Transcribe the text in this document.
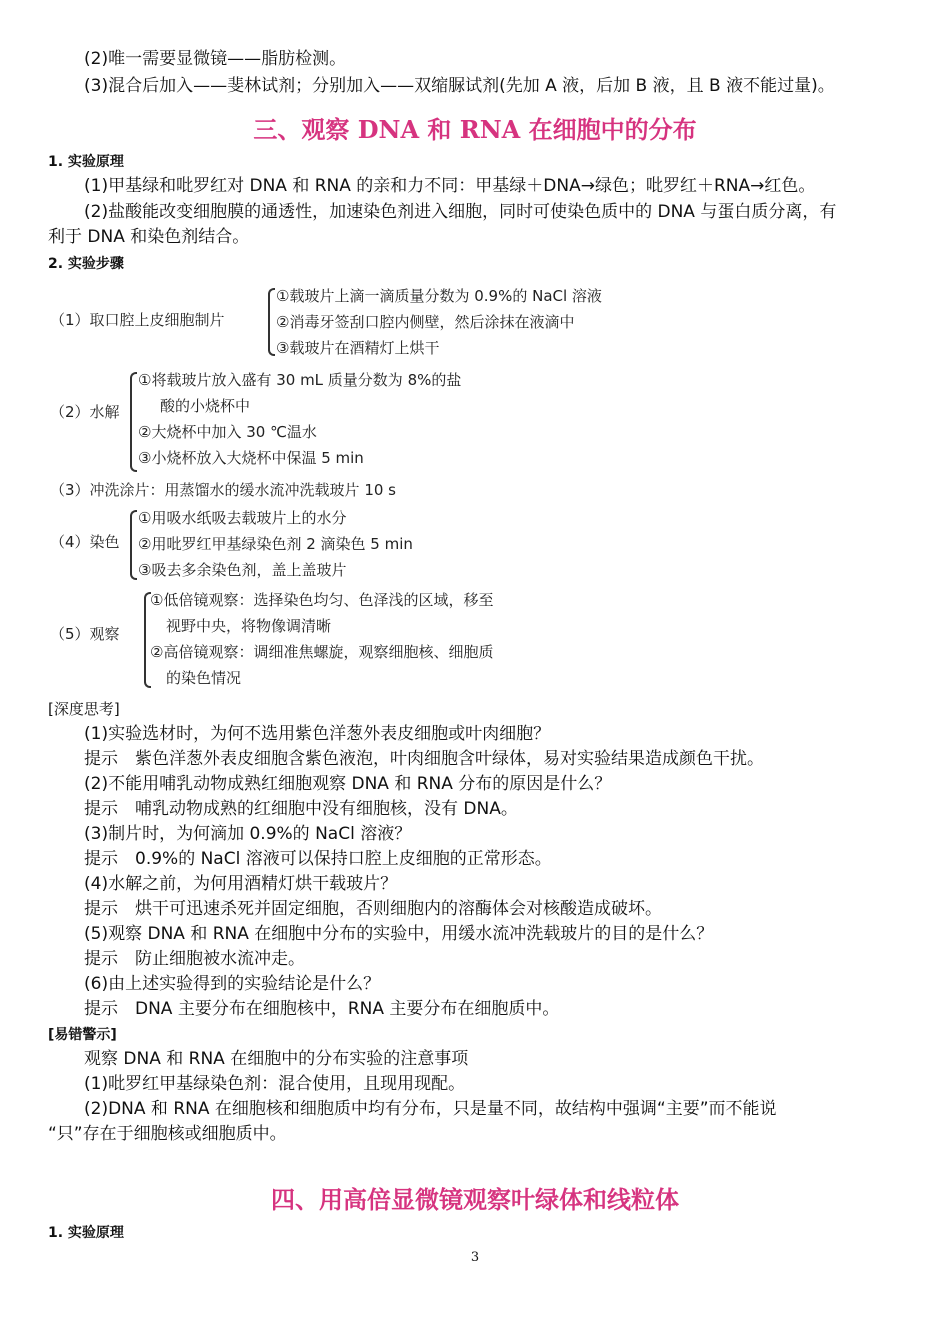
(2)唯一需要显微镜——脂肪检测。
(3)混合后加入——斐林试剂；分别加入——双缩脲试剂(先加 A 液，后加 B 液，且 B 液不能过量)。
三、观察 DNA 和 RNA 在细胞中的分布
1. 实验原理
(1)甲基绿和吡罗红对 DNA 和 RNA 的亲和力不同：甲基绿＋DNA→绿色；吡罗红＋RNA→红色。
(2)盐酸能改变细胞膜的通透性，加速染色剂进入细胞，同时可使染色质中的 DNA 与蛋白质分离，有
利于 DNA 和染色剂结合。
2. 实验步骤
（1）取口腔上皮细胞制片
①载玻片上滴一滴质量分数为 0.9%的 NaCl 溶液
②消毒牙签刮口腔内侧壁，然后涂抹在液滴中
③载玻片在酒精灯上烘干
（2）水解
①将载玻片放入盛有 30 mL 质量分数为 8%的盐
酸的小烧杯中
②大烧杯中加入 30 ℃温水
③小烧杯放入大烧杯中保温 5 min
（3）冲洗涂片：用蒸馏水的缓水流冲洗载玻片 10 s
（4）染色
①用吸水纸吸去载玻片上的水分
②用吡罗红甲基绿染色剂 2 滴染色 5 min
③吸去多余染色剂，盖上盖玻片
（5）观察
①低倍镜观察：选择染色均匀、色泽浅的区域，移至
视野中央，将物像调清晰
②高倍镜观察：调细准焦螺旋，观察细胞核、细胞质
的染色情况
[深度思考]
(1)实验选材时，为何不选用紫色洋葱外表皮细胞或叶肉细胞？
提示　紫色洋葱外表皮细胞含紫色液泡，叶肉细胞含叶绿体，易对实验结果造成颜色干扰。
(2)不能用哺乳动物成熟红细胞观察 DNA 和 RNA 分布的原因是什么？
提示　哺乳动物成熟的红细胞中没有细胞核，没有 DNA。
(3)制片时，为何滴加 0.9%的 NaCl 溶液？
提示　0.9%的 NaCl 溶液可以保持口腔上皮细胞的正常形态。
(4)水解之前，为何用酒精灯烘干载玻片？
提示　烘干可迅速杀死并固定细胞，否则细胞内的溶酶体会对核酸造成破坏。
(5)观察 DNA 和 RNA 在细胞中分布的实验中，用缓水流冲洗载玻片的目的是什么？
提示　防止细胞被水流冲走。
(6)由上述实验得到的实验结论是什么？
提示　DNA 主要分布在细胞核中，RNA 主要分布在细胞质中。
[易错警示]
观察 DNA 和 RNA 在细胞中的分布实验的注意事项
(1)吡罗红甲基绿染色剂：混合使用，且现用现配。
(2)DNA 和 RNA 在细胞核和细胞质中均有分布，只是量不同，故结构中强调“主要”而不能说
“只”存在于细胞核或细胞质中。
四、用高倍显微镜观察叶绿体和线粒体
1. 实验原理
3
